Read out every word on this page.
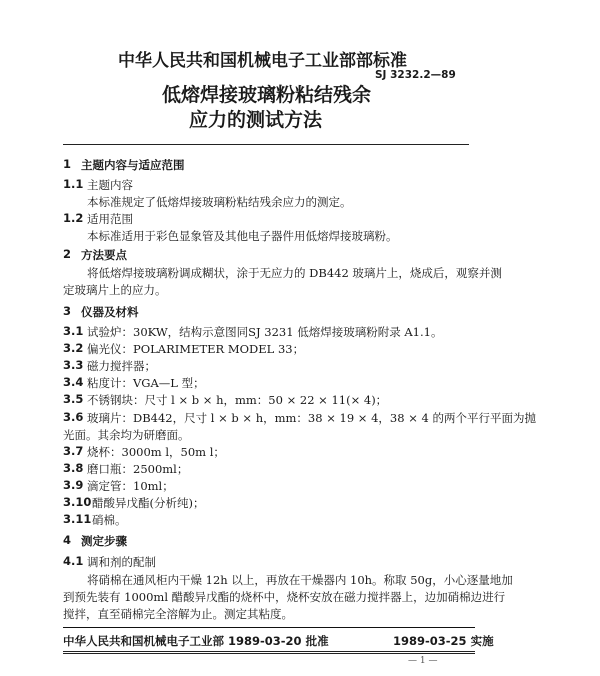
中华人民共和国机械电子工业部部标准
SJ 3232.2—89
低熔焊接玻璃粉粘结残余
应力的测试方法
1 主题内容与适应范围
1.1 主题内容
本标准规定了低熔焊接玻璃粉粘结残余应力的测定。
1.2 适用范围
本标准适用于彩色显象管及其他电子器件用低熔焊接玻璃粉。
2 方法要点
将低熔焊接玻璃粉调成糊状，涂于无应力的 DB442 玻璃片上，烧成后，观察并测
定玻璃片上的应力。
3 仪器及材料
3.1 试验炉：30KW，结构示意图同SJ 3231 低熔焊接玻璃粉附录 A1.1。
3.2 偏光仪：POLARIMETER MODEL 33；
3.3 磁力搅拌器；
3.4 粘度计：VGA—L 型；
3.5 不锈钢块：尺寸 l × b × h，mm：50 × 22 × 11(× 4)；
3.6 玻璃片：DB442，尺寸 l × b × h，mm：38 × 19 × 4，38 × 4 的两个平行平面为抛
光面。其余均为研磨面。
3.7 烧杯：3000m l，50m l；
3.8 磨口瓶：2500ml；
3.9 滴定管：10ml；
3.10 醋酸异戊酯(分析纯)；
3.11 硝棉。
4 测定步骤
4.1 调和剂的配制
将硝棉在通风柜内干燥 12h 以上，再放在干燥器内 10h。称取 50g，小心逐量地加
到预先装有 1000ml 醋酸异戊酯的烧杯中，烧杯安放在磁力搅拌器上，边加硝棉边进行
搅拌，直至硝棉完全溶解为止。测定其粘度。
中华人民共和国机械电子工业部 1989-03-20 批准	1989-03-25 实施
— 1 —
